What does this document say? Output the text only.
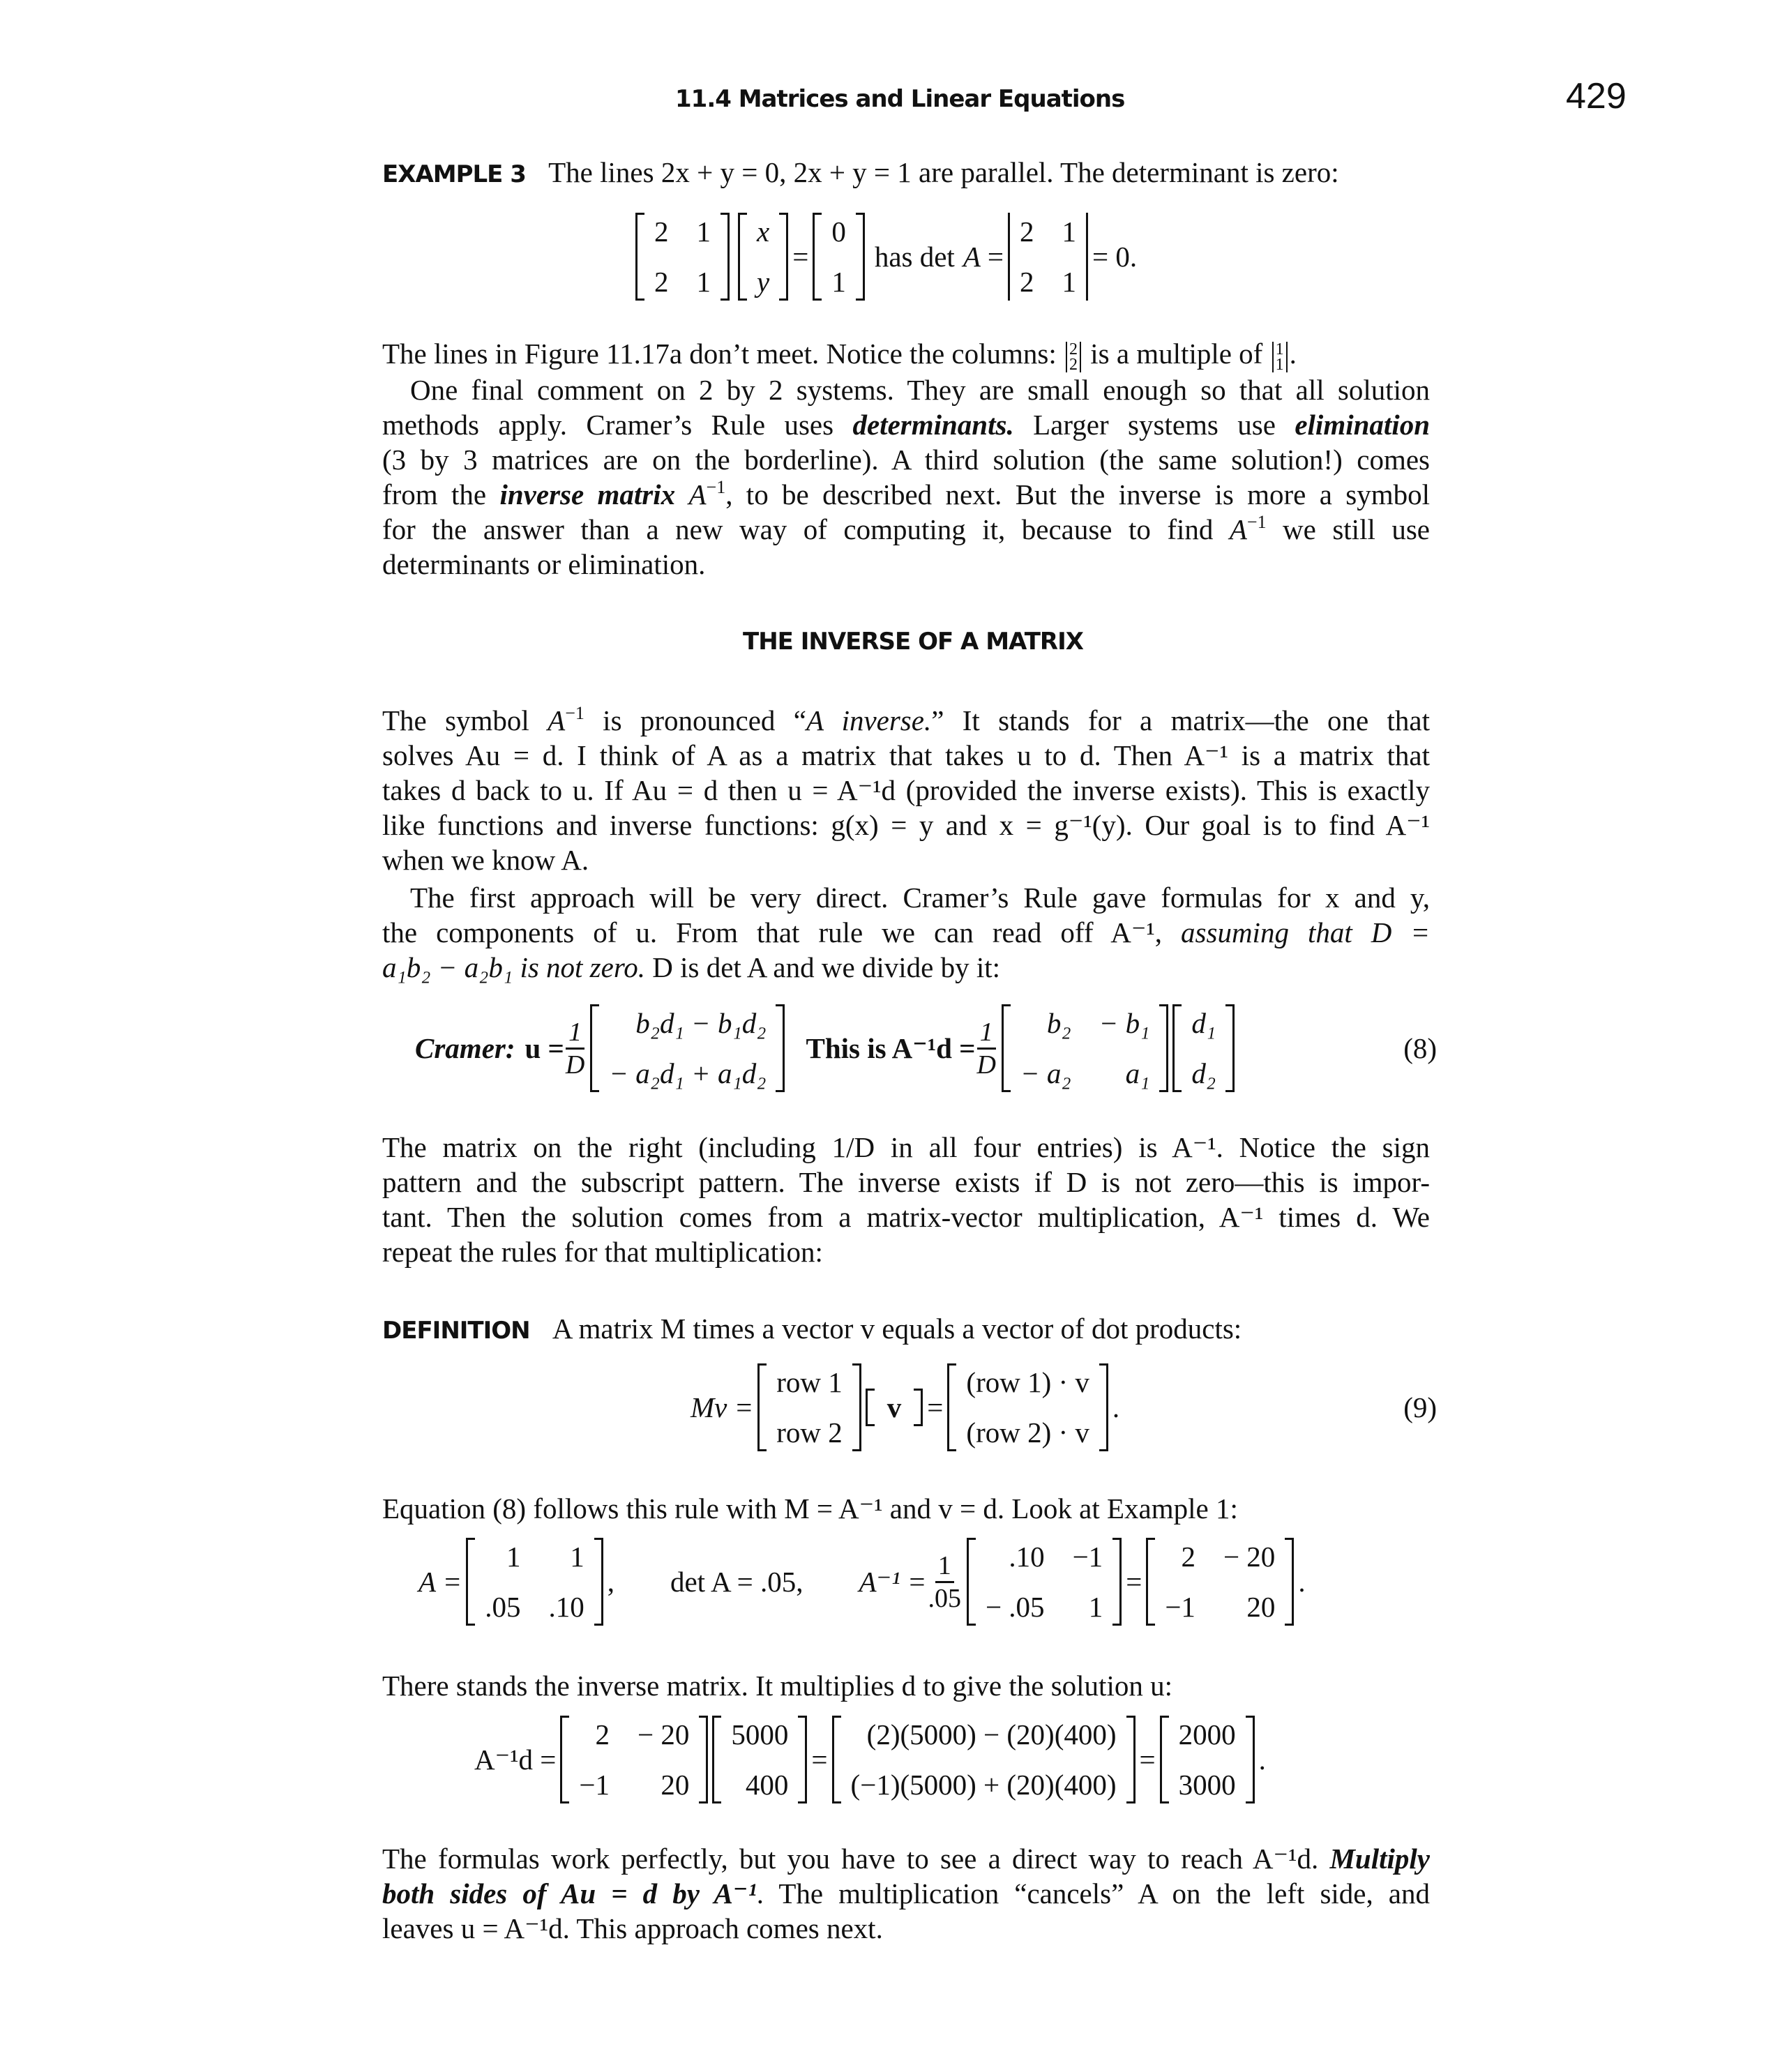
11.4 Matrices and Linear Equations	429
EXAMPLE 3 The lines 2x + y = 0, 2x + y = 1 are parallel. The determinant is zero:
2 1
2 1
x
y
=
0
1
has det A =
2 1
2 1
= 0.
The lines in Figure 11.17a don’t meet. Notice the columns: 2
2 is a multiple of 1
1 .
One final comment on 2 by 2 systems. They are small enough so that all solution
methods apply. Cramer’s Rule uses determinants. Larger systems use elimination
(3 by 3 matrices are on the borderline). A third solution (the same solution!) comes
from the inverse matrix $A^{-1}$, to be described next. But the inverse is more a symbol
for the answer than a new way of computing it, because to find $A^{-1}$ we still use
determinants or elimination.
THE INVERSE OF A MATRIX
The symbol $A^{-1}$ is pronounced “A inverse.” It stands for a matrix—the one that
solves Au = d. I think of A as a matrix that takes u to d. Then A⁻¹ is a matrix that
takes d back to u. If Au = d then u = A⁻¹d (provided the inverse exists). This is exactly
like functions and inverse functions: g(x) = y and x = g⁻¹(y). Our goal is to find A⁻¹
when we know A.
The first approach will be very direct. Cramer’s Rule gave formulas for x and y,
the components of u. From that rule we can read off A⁻¹, assuming that D =
a₁b₂ − a₂b₁ is not zero. D is det A and we divide by it:
Cramer: $u = \frac{1}{D} b_2d_1 - b_1d_2$
− a₂d₁ + a₁d₂
This is $A^{-1}d = \frac{1}{D} b_2 - b_1$
− a₂ a₁
d₁
d₂
(8)
The matrix on the right (including 1/D in all four entries) is A⁻¹. Notice the sign
pattern and the subscript pattern. The inverse exists if D is not zero—this is impor-
tant. Then the solution comes from a matrix-vector multiplication, A⁻¹ times d. We
repeat the rules for that multiplication:
DEFINITION A matrix M times a vector v equals a vector of dot products:
Mv =
row 1
row 2
v =
(row 1) · v
(row 2) · v
.	(9)
Equation (8) follows this rule with M = A⁻¹ and v = d. Look at Example 1:
A =
1 1
.05 .10
, det A = .05, $A^{-1} = \frac{1}{.05} .10 -1$
− .05 1
=
2 − 20
−1 20
.
There stands the inverse matrix. It multiplies d to give the solution u:
A⁻¹d =
2 − 20
−1 20
5000
400
=
(2)(5000) − (20)(400)
(−1)(5000) + (20)(400)
=
2000
3000
.
The formulas work perfectly, but you have to see a direct way to reach A⁻¹d. Multiply
both sides of Au = d by A⁻¹. The multiplication “cancels” A on the left side, and
leaves u = A⁻¹d. This approach comes next.
